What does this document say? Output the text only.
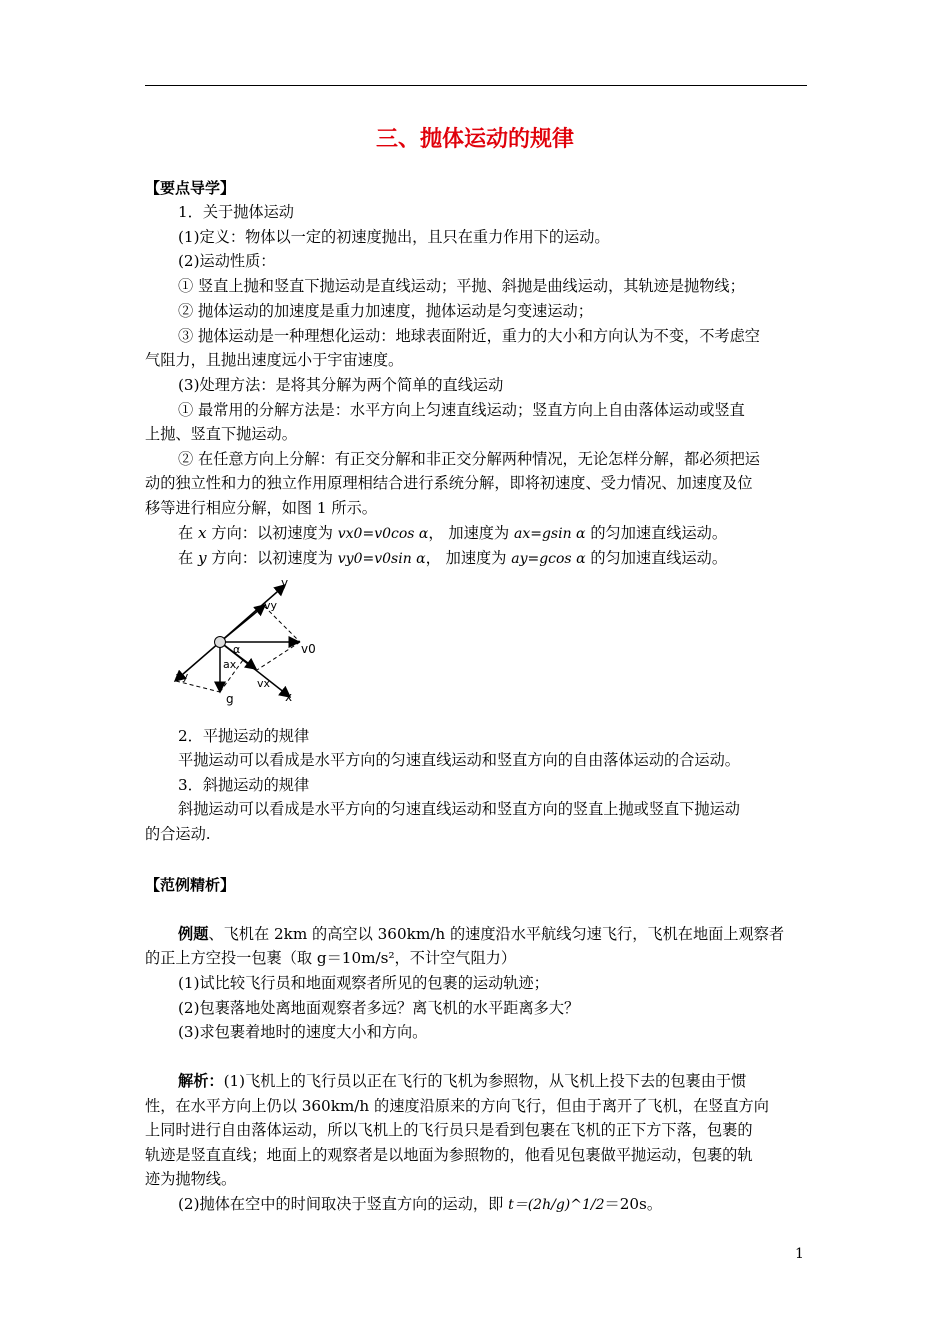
三、抛体运动的规律
【要点导学】
1．关于抛体运动
(1)定义：物体以一定的初速度抛出，且只在重力作用下的运动。
(2)运动性质：
① 竖直上抛和竖直下抛运动是直线运动；平抛、斜抛是曲线运动，其轨迹是抛物线；
② 抛体运动的加速度是重力加速度，抛体运动是匀变速运动；
③ 抛体运动是一种理想化运动：地球表面附近，重力的大小和方向认为不变，不考虑空
气阻力，且抛出速度远小于宇宙速度。
(3)处理方法：是将其分解为两个简单的直线运动
① 最常用的分解方法是：水平方向上匀速直线运动；竖直方向上自由落体运动或竖直
上抛、竖直下抛运动。
② 在任意方向上分解：有正交分解和非正交分解两种情况，无论怎样分解，都必须把运
动的独立性和力的独立作用原理相结合进行系统分解，即将初速度、受力情况、加速度及位
移等进行相应分解，如图 1 所示。
在 x 方向：以初速度为 vx0=v0cos α， 加速度为 ax=gsin α 的匀加速直线运动。
在 y 方向：以初速度为 vy0=v0sin α， 加速度为 ay=gcos α 的匀加速直线运动。
y
vy
v0
α
ax
ay
vx
x
g
2．平抛运动的规律
平抛运动可以看成是水平方向的匀速直线运动和竖直方向的自由落体运动的合运动。
3．斜抛运动的规律
斜抛运动可以看成是水平方向的匀速直线运动和竖直方向的竖直上抛或竖直下抛运动
的合运动.
【范例精析】
例题、飞机在 2km 的高空以 360km/h 的速度沿水平航线匀速飞行，飞机在地面上观察者
的正上方空投一包裹（取 g＝10m/s²，不计空气阻力）
(1)试比较飞行员和地面观察者所见的包裹的运动轨迹；
(2)包裹落地处离地面观察者多远？离飞机的水平距离多大？
(3)求包裹着地时的速度大小和方向。
解析：(1)飞机上的飞行员以正在飞行的飞机为参照物，从飞机上投下去的包裹由于惯
性，在水平方向上仍以 360km/h 的速度沿原来的方向飞行，但由于离开了飞机，在竖直方向
上同时进行自由落体运动，所以飞机上的飞行员只是看到包裹在飞机的正下方下落，包裹的
轨迹是竖直直线；地面上的观察者是以地面为参照物的，他看见包裹做平抛运动，包裹的轨
迹为抛物线。
(2)抛体在空中的时间取决于竖直方向的运动，即 t＝(2h/g)^1/2＝20s。
1
